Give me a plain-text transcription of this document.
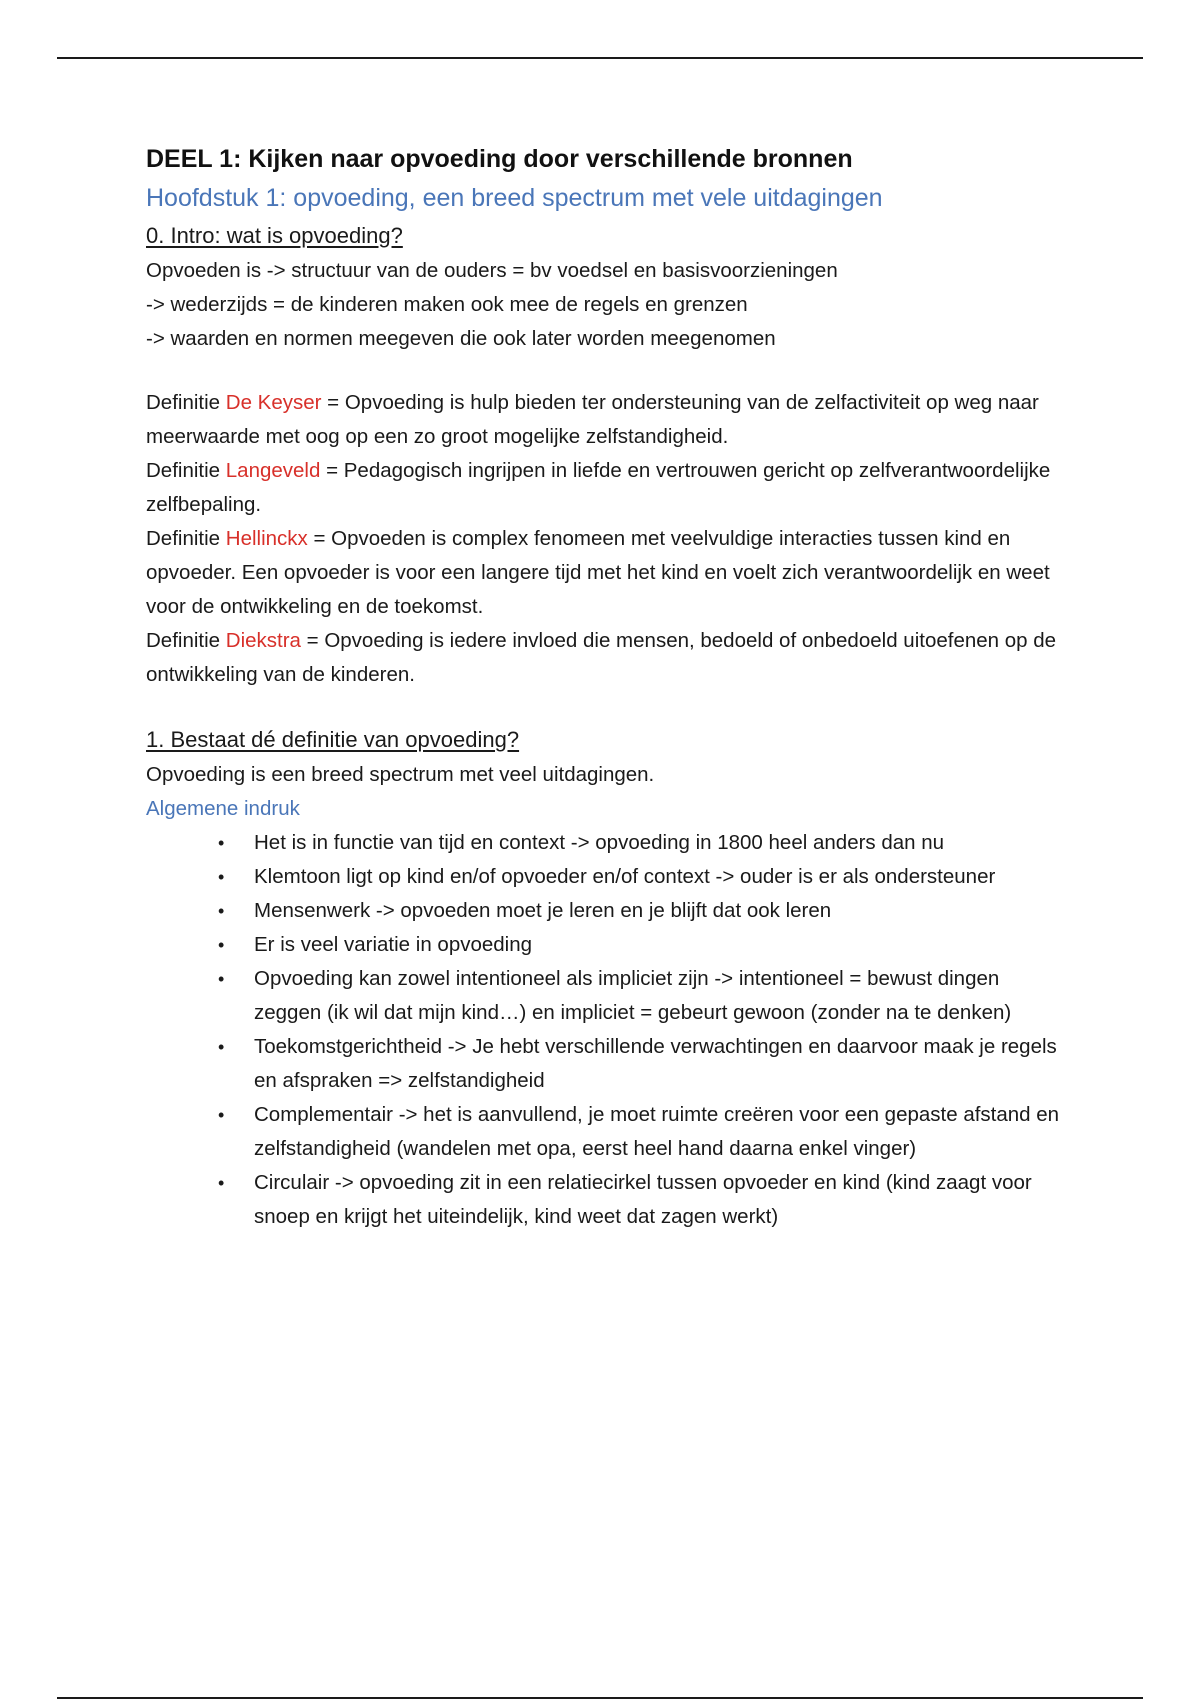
DEEL 1: Kijken naar opvoeding door verschillende bronnen
Hoofdstuk 1: opvoeding, een breed spectrum met vele uitdagingen
0. Intro: wat is opvoeding?

Opvoeden is -> structuur van de ouders = bv voedsel en basisvoorzieningen

-> wederzijds = de kinderen maken ook mee de regels en grenzen

-> waarden en normen meegeven die ook later worden meegenomen

Definitie De Keyser = Opvoeding is hulp bieden ter ondersteuning van de zelfactiviteit op weg naar meerwaarde met oog op een zo groot mogelijke zelfstandigheid.

Definitie Langeveld = Pedagogisch ingrijpen in liefde en vertrouwen gericht op zelfverantwoordelijke zelfbepaling.

Definitie Hellinckx = Opvoeden is complex fenomeen met veelvuldige interacties tussen kind en opvoeder. Een opvoeder is voor een langere tijd met het kind en voelt zich verantwoordelijk en weet voor de ontwikkeling en de toekomst.

Definitie Diekstra = Opvoeding is iedere invloed die mensen, bedoeld of onbedoeld uitoefenen op de ontwikkeling van de kinderen.

1. Bestaat dé definitie van opvoeding?

Opvoeding is een breed spectrum met veel uitdagingen.

Algemene indruk

• Het is in functie van tijd en context -> opvoeding in 1800 heel anders dan nu
• Klemtoon ligt op kind en/of opvoeder en/of context -> ouder is er als ondersteuner
• Mensenwerk -> opvoeden moet je leren en je blijft dat ook leren
• Er is veel variatie in opvoeding
• Opvoeding kan zowel intentioneel als impliciet zijn -> intentioneel = bewust dingen zeggen (ik wil dat mijn kind…) en impliciet = gebeurt gewoon (zonder na te denken)
• Toekomstgerichtheid -> Je hebt verschillende verwachtingen en daarvoor maak je regels en afspraken => zelfstandigheid
• Complementair -> het is aanvullend, je moet ruimte creëren voor een gepaste afstand en zelfstandigheid (wandelen met opa, eerst heel hand daarna enkel vinger)
• Circulair -> opvoeding zit in een relatiecirkel tussen opvoeder en kind (kind zaagt voor snoep en krijgt het uiteindelijk, kind weet dat zagen werkt)
